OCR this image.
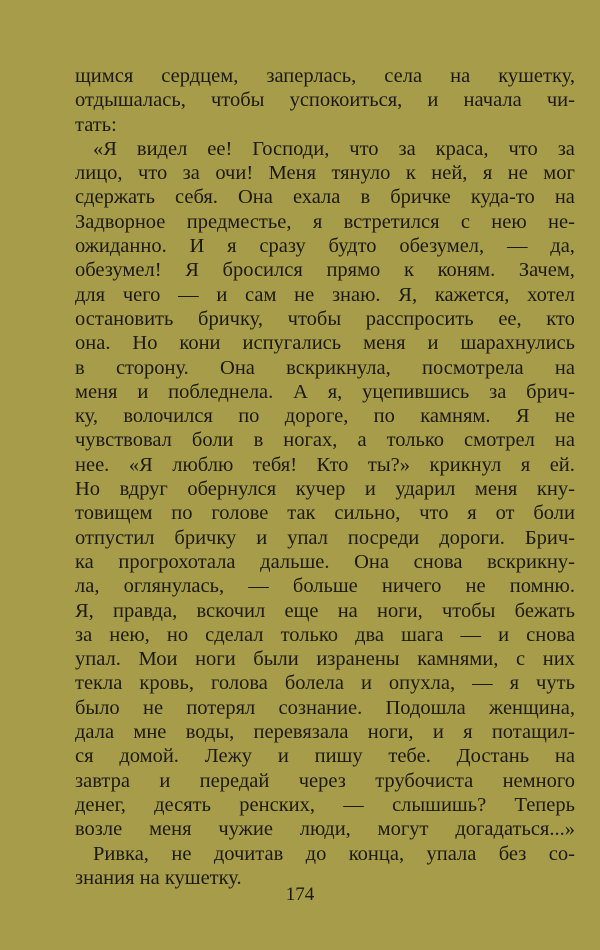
щимся сердцем, заперлась, села на кушетку,
отдышалась, чтобы успокоиться, и начала чи-
тать:
«Я видел ее! Господи, что за краса, что за
лицо, что за очи! Меня тянуло к ней, я не мог
сдержать себя. Она ехала в бричке куда-то на
Задворное предместье, я встретился с нею не-
ожиданно. И я сразу будто обезумел, — да,
обезумел! Я бросился прямо к коням. Зачем,
для чего — и сам не знаю. Я, кажется, хотел
остановить бричку, чтобы расспросить ее, кто
она. Но кони испугались меня и шарахнулись
в сторону. Она вскрикнула, посмотрела на
меня и побледнела. А я, уцепившись за брич-
ку, волочился по дороге, по камням. Я не
чувствовал боли в ногах, а только смотрел на
нее. «Я люблю тебя! Кто ты?» крикнул я ей.
Но вдруг обернулся кучер и ударил меня кну-
товищем по голове так сильно, что я от боли
отпустил бричку и упал посреди дороги. Брич-
ка прогрохотала дальше. Она снова вскрикну-
ла, оглянулась, — больше ничего не помню.
Я, правда, вскочил еще на ноги, чтобы бежать
за нею, но сделал только два шага — и снова
упал. Мои ноги были изранены камнями, с них
текла кровь, голова болела и опухла, — я чуть
было не потерял сознание. Подошла женщина,
дала мне воды, перевязала ноги, и я потащил-
ся домой. Лежу и пишу тебе. Достань на
завтра и передай через трубочиста немного
денег, десять ренских, — слышишь? Теперь
возле меня чужие люди, могут догадаться...»
Ривка, не дочитав до конца, упала без со-
знания на кушетку.
174
